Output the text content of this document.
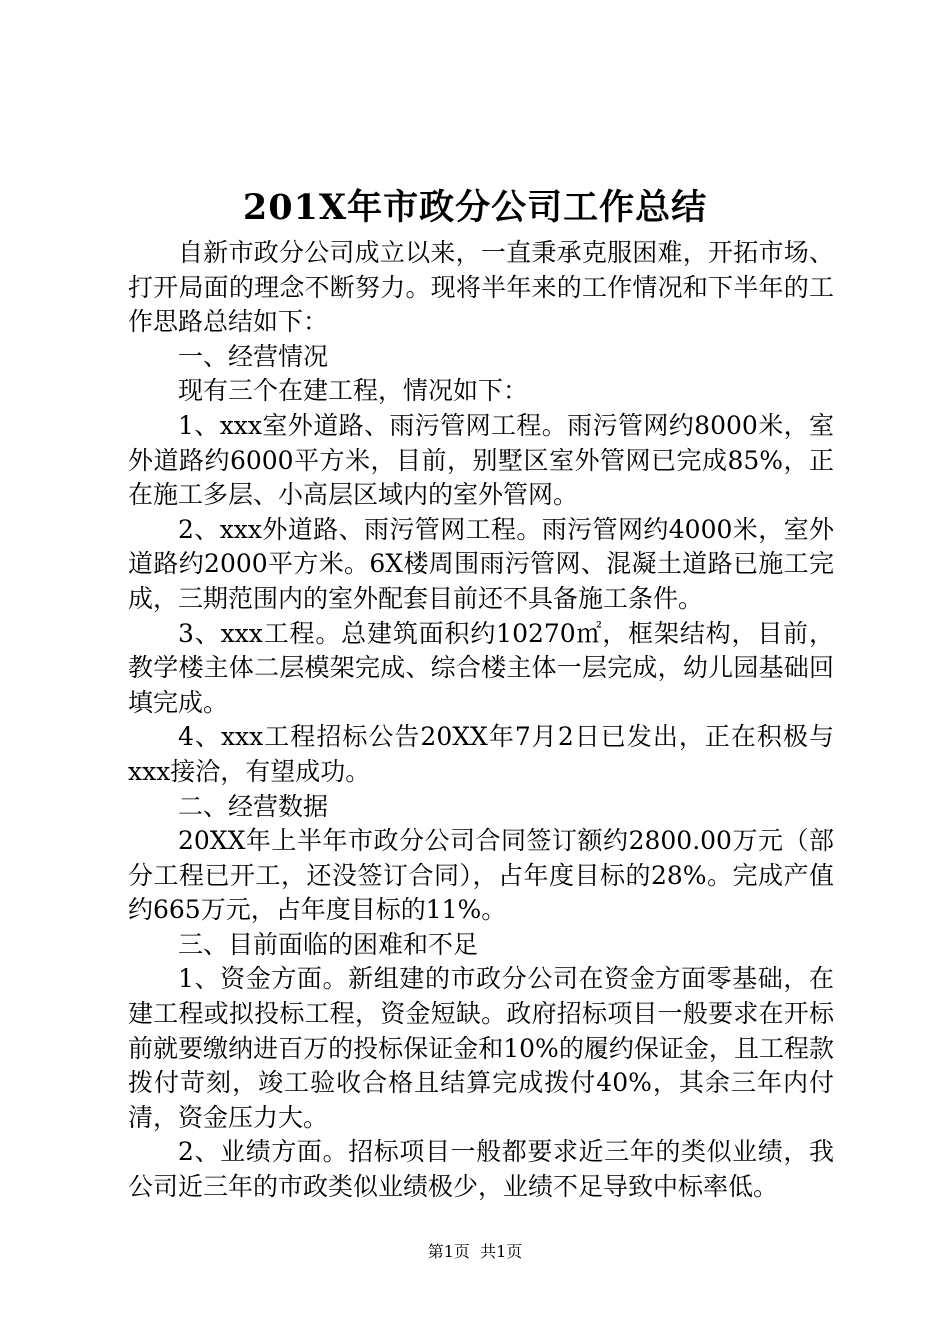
201X年市政分公司工作总结

自新市政分公司成立以来，一直秉承克服困难，开拓市场、打开局面的理念不断努力。现将半年来的工作情况和下半年的工作思路总结如下：

一、经营情况

现有三个在建工程，情况如下：

1、xxx室外道路、雨污管网工程。雨污管网约8000米，室外道路约6000平方米，目前，别墅区室外管网已完成85%，正在施工多层、小高层区域内的室外管网。

2、xxx外道路、雨污管网工程。雨污管网约4000米，室外道路约2000平方米。6X楼周围雨污管网、混凝土道路已施工完成，三期范围内的室外配套目前还不具备施工条件。

3、xxx工程。总建筑面积约10270㎡，框架结构，目前，教学楼主体二层模架完成、综合楼主体一层完成，幼儿园基础回填完成。

4、xxx工程招标公告20XX年7月2日已发出，正在积极与xxx接洽，有望成功。

二、经营数据

20XX年上半年市政分公司合同签订额约2800.00万元（部分工程已开工，还没签订合同），占年度目标的28%。完成产值约665万元，占年度目标的11%。

三、目前面临的困难和不足

1、资金方面。新组建的市政分公司在资金方面零基础，在建工程或拟投标工程，资金短缺。政府招标项目一般要求在开标前就要缴纳进百万的投标保证金和10%的履约保证金，且工程款拨付苛刻，竣工验收合格且结算完成拨付40%，其余三年内付清，资金压力大。

2、业绩方面。招标项目一般都要求近三年的类似业绩，我公司近三年的市政类似业绩极少，业绩不足导致中标率低。

第1页 共1页
